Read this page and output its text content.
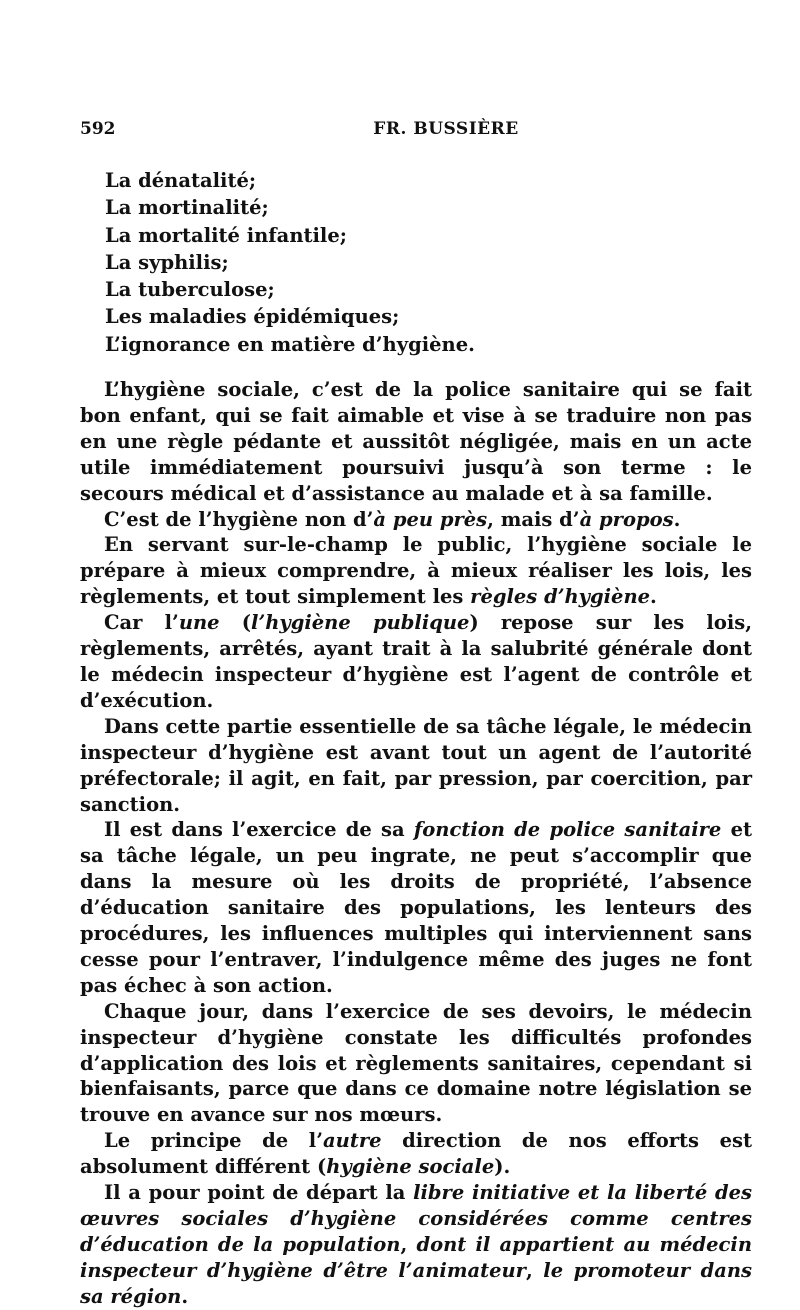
592	FR. BUSSIÈRE
La dénatalité;
La mortinalité;
La mortalité infantile;
La syphilis;
La tuberculose;
Les maladies épidémiques;
L’ignorance en matière d’hygiène.

L’hygiène sociale, c’est de la police sanitaire qui se fait bon enfant, qui se fait aimable et vise à se traduire non pas en une règle pédante et aussitôt négligée, mais en un acte utile immédiatement poursuivi jusqu’à son terme : le secours médical et d’assistance au malade et à sa famille.

C’est de l’hygiène non d’à peu près, mais d’à propos.

En servant sur-le-champ le public, l’hygiène sociale le prépare à mieux comprendre, à mieux réaliser les lois, les règlements, et tout simplement les règles d’hygiène.

Car l’une (l’hygiène publique) repose sur les lois, règlements, arrêtés, ayant trait à la salubrité générale dont le médecin inspecteur d’hygiène est l’agent de contrôle et d’exécution.

Dans cette partie essentielle de sa tâche légale, le médecin inspecteur d’hygiène est avant tout un agent de l’autorité préfectorale; il agit, en fait, par pression, par coercition, par sanction.

Il est dans l’exercice de sa fonction de police sanitaire et sa tâche légale, un peu ingrate, ne peut s’accomplir que dans la mesure où les droits de propriété, l’absence d’éducation sanitaire des populations, les lenteurs des procédures, les influences multiples qui interviennent sans cesse pour l’entraver, l’indulgence même des juges ne font pas échec à son action.

Chaque jour, dans l’exercice de ses devoirs, le médecin inspecteur d’hygiène constate les difficultés profondes d’application des lois et règlements sanitaires, cependant si bienfaisants, parce que dans ce domaine notre législation se trouve en avance sur nos mœurs.

Le principe de l’autre direction de nos efforts est absolument différent (hygiène sociale).

Il a pour point de départ la libre initiative et la liberté des œuvres sociales d’hygiène considérées comme centres d’éducation de la population, dont il appartient au médecin inspecteur d’hygiène d’être l’animateur, le promoteur dans sa région.
